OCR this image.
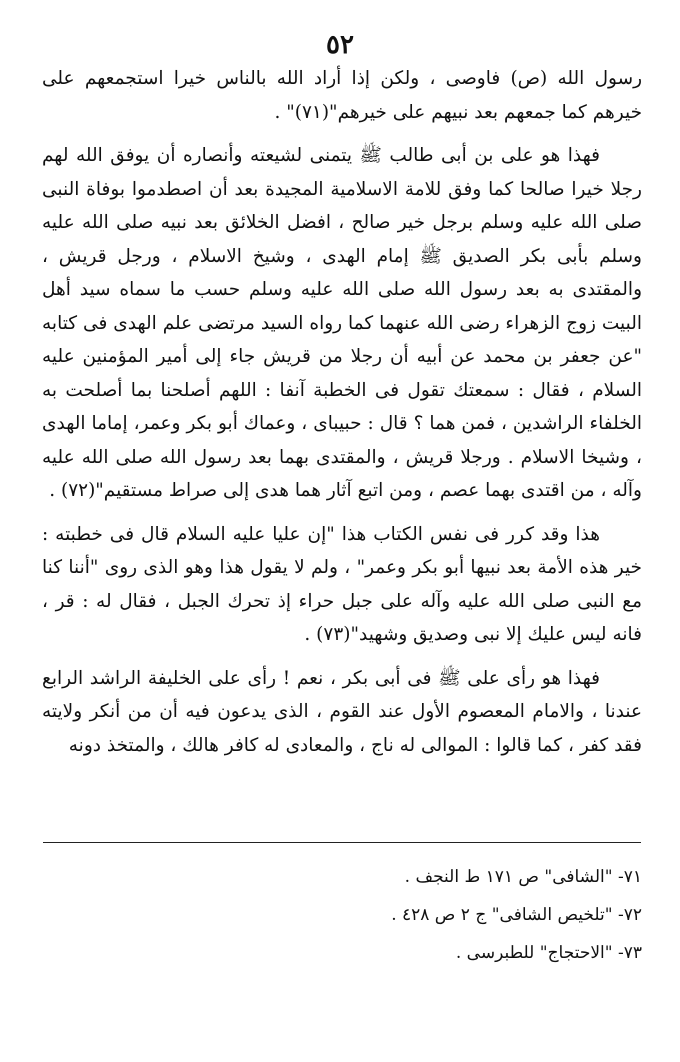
٥٢

رسول الله (ص) فاوصى ، ولكن إذا أراد الله بالناس خيرا استجمعهم على خيرهم كما جمعهم بعد نبيهم على خيرهم"(٧١)" .

فهذا هو على بن أبى طالب ﷺ يتمنى لشيعته وأنصاره أن يوفق الله لهم رجلا خيرا صالحا كما وفق للامة الاسلامية المجيدة بعد أن اصطدموا بوفاة النبى صلى الله عليه وسلم برجل خير صالح ، افضل الخلائق بعد نبيه صلى الله عليه وسلم بأبى بكر الصديق ﷺ إمام الهدى ، وشيخ الاسلام ، ورجل قريش ، والمقتدى به بعد رسول الله صلى الله عليه وسلم حسب ما سماه سيد أهل البيت زوج الزهراء رضى الله عنهما كما رواه السيد مرتضى علم الهدى فى كتابه "عن جعفر بن محمد عن أبيه أن رجلا من قريش جاء إلى أمير المؤمنين عليه السلام ، فقال : سمعتك تقول فى الخطبة آنفا : اللهم أصلحنا بما أصلحت به الخلفاء الراشدين ، فمن هما ؟ قال : حبيباى ، وعماك أبو بكر وعمر، إماما الهدى ، وشيخا الاسلام . ورجلا قريش ، والمقتدى بهما بعد رسول الله صلى الله عليه وآله ، من اقتدى بهما عصم ، ومن اتبع آثار هما هدى إلى صراط مستقيم"(٧٢) .

هذا وقد كرر فى نفس الكتاب هذا "إن عليا عليه السلام قال فى خطبته : خير هذه الأمة بعد نبيها أبو بكر وعمر" ، ولم لا يقول هذا وهو الذى روى "أننا كنا مع النبى صلى الله عليه وآله على جبل حراء إذ تحرك الجبل ، فقال له : قر ، فانه ليس عليك إلا نبى وصديق وشهيد"(٧٣) .

فهذا هو رأى على ﷺ فى أبى بكر ، نعم ! رأى على الخليفة الراشد الرابع عندنا ، والامام المعصوم الأول عند القوم ، الذى يدعون فيه أن من أنكر ولايته فقد كفر ، كما قالوا : الموالى له ناج ، والمعادى له كافر هالك ، والمتخذ دونه

٧١- "الشافى" ص ١٧١ ط النجف .
٧٢- "تلخيص الشافى" ج ٢ ص ٤٢٨ .
٧٣- "الاحتجاج" للطبرسى .
